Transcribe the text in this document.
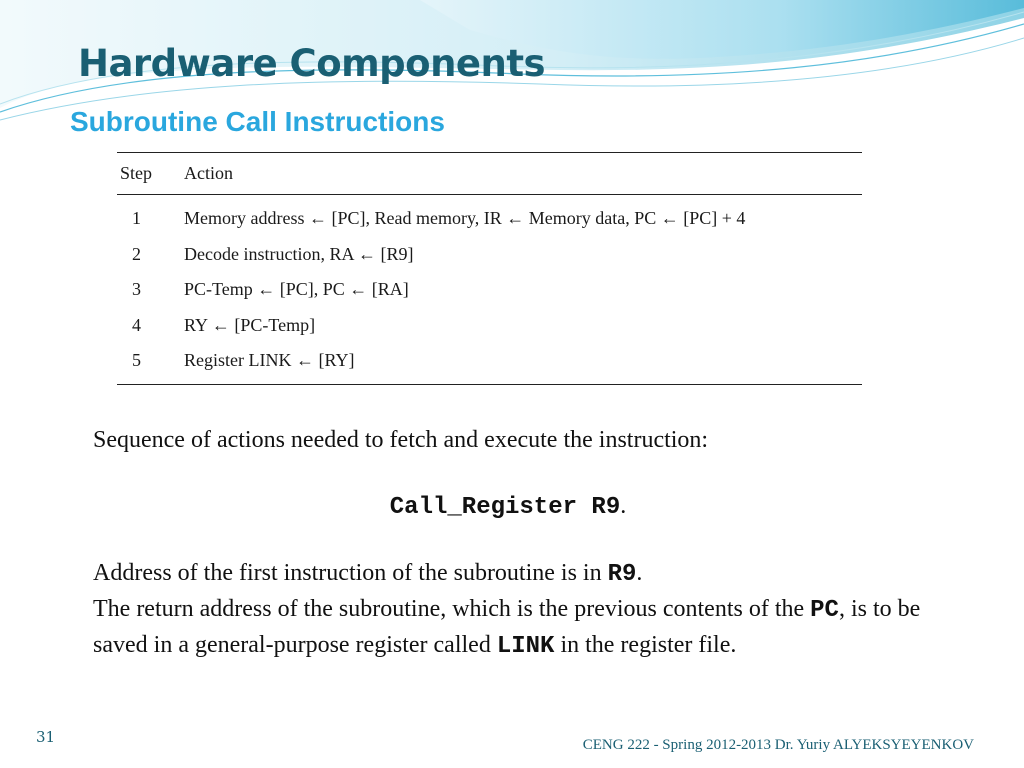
Hardware Components
Subroutine Call Instructions
Step	Action
1	Memory address ← [PC], Read memory, IR ← Memory data, PC ← [PC] + 4
2	Decode instruction, RA ← [R9]
3	PC-Temp ← [PC], PC ← [RA]
4	RY ← [PC-Temp]
5	Register LINK ← [RY]

Sequence of actions needed to fetch and execute the instruction:

Call_Register R9.

Address of the first instruction of the subroutine is in R9.

The return address of the subroutine, which is the previous contents of the PC, is to be saved in a general-purpose register called LINK in the register file.

31	CENG 222 - Spring 2012-2013 Dr. Yuriy ALYEKSYEYENKOV
